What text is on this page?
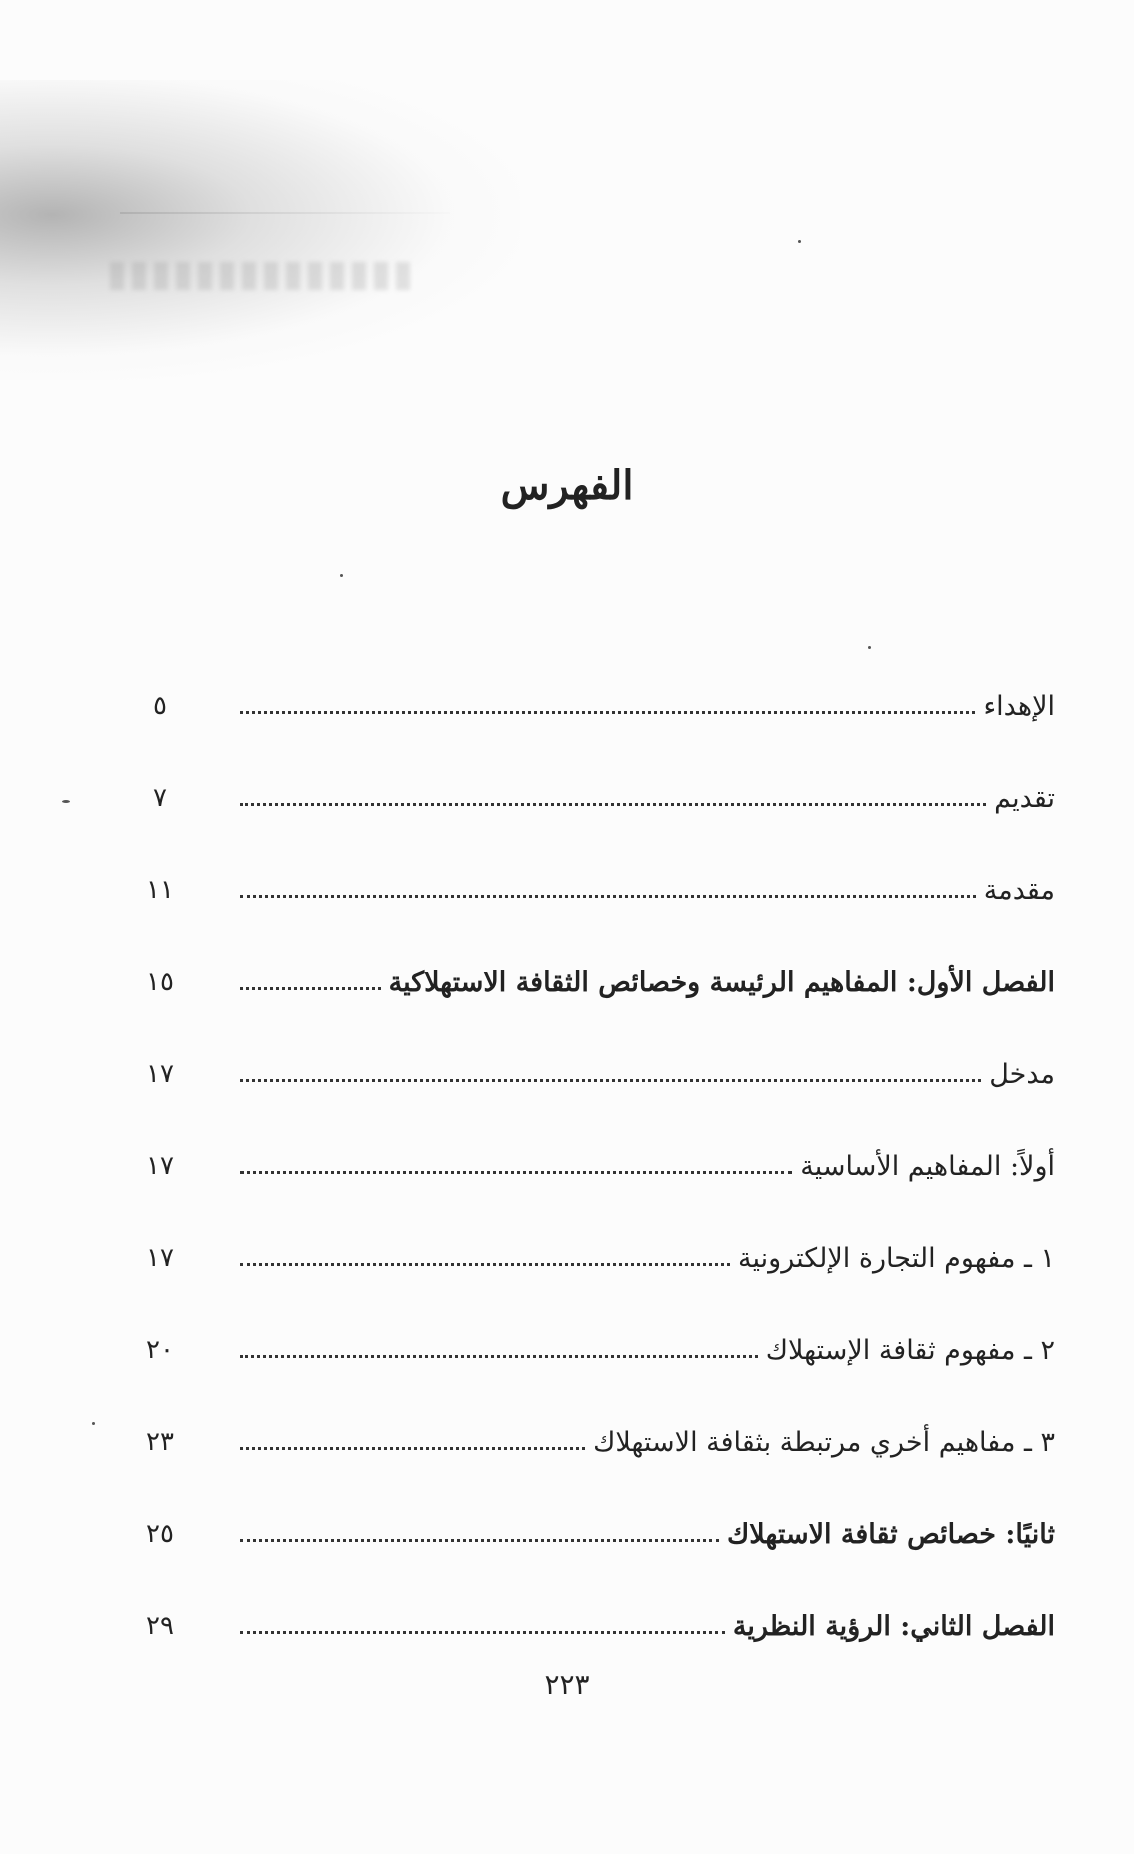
الفهرس
٥	الإهداء
٧	تقديم
١١	مقدمة
١٥	الفصل الأول: المفاهيم الرئيسة وخصائص الثقافة الاستهلاكية
١٧	مدخل
١٧	أولاً: المفاهيم الأساسية
١٧	١ ـ مفهوم التجارة الإلكترونية
٢٠	٢ ـ مفهوم ثقافة الإستهلاك
٢٣	٣ ـ مفاهيم أخري مرتبطة بثقافة الاستهلاك
٢٥	ثانيًا: خصائص ثقافة الاستهلاك
٢٩	الفصل الثاني: الرؤية النظرية
٢٢٣
